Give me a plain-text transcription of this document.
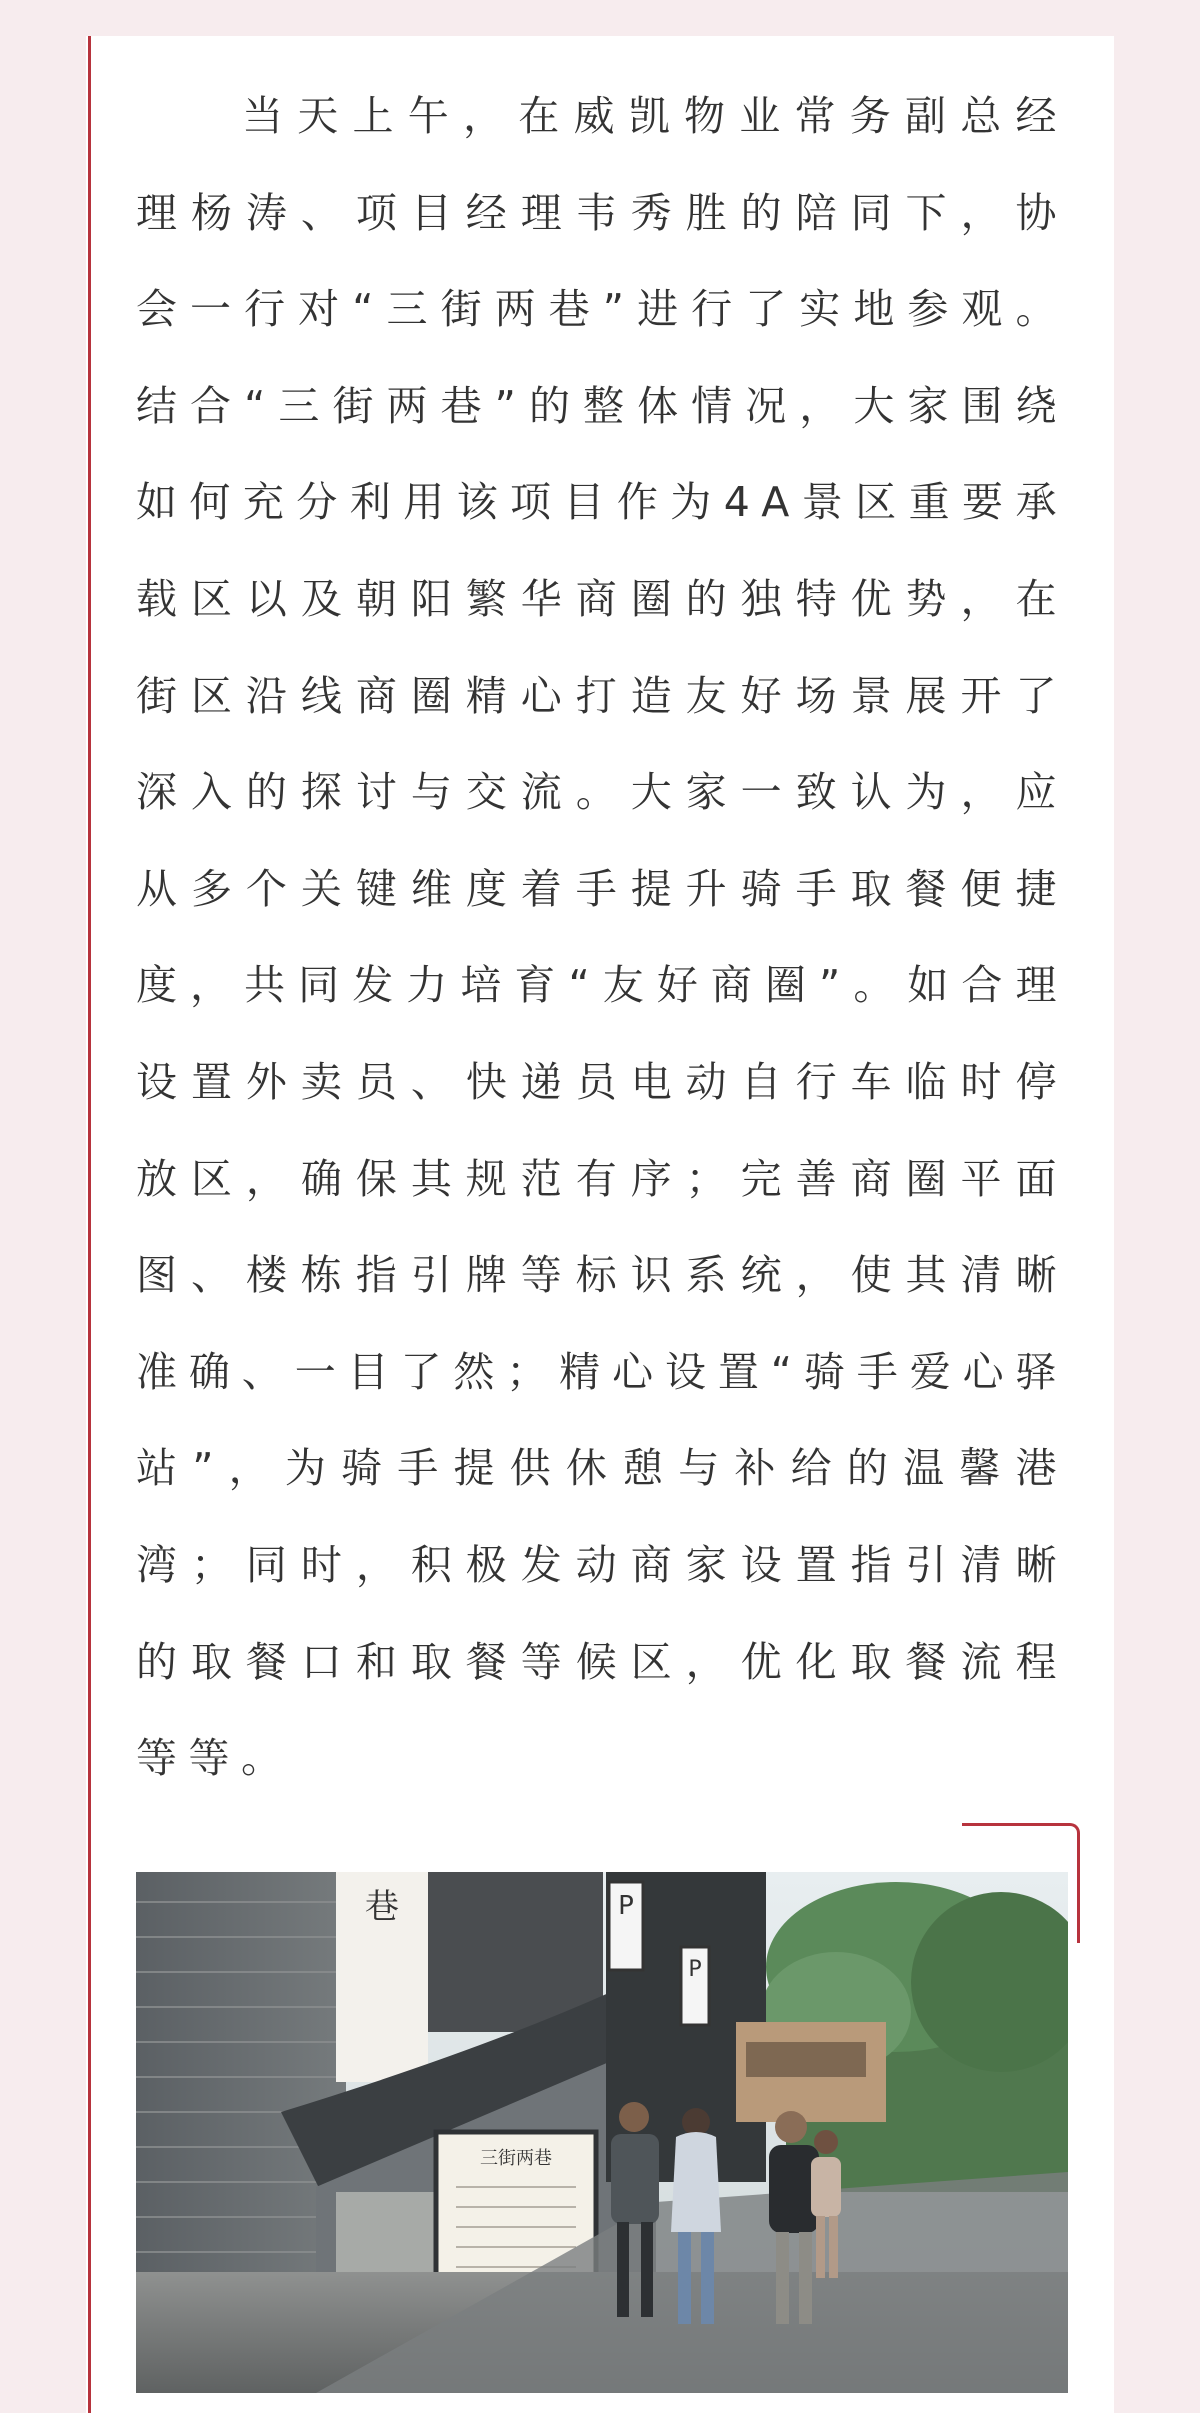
当天上午，在威凯物业常务副总经理杨涛、项目经理韦秀胜的陪同下，协会一行对“三街两巷”进行了实地参观。结合“三街两巷”的整体情况，大家围绕如何充分利用该项目作为4A景区重要承载区以及朝阳繁华商圈的独特优势，在街区沿线商圈精心打造友好场景展开了深入的探讨与交流。大家一致认为，应从多个关键维度着手提升骑手取餐便捷度，共同发力培育“友好商圈”。如合理设置外卖员、快递员电动自行车临时停放区，确保其规范有序；完善商圈平面图、楼栋指引牌等标识系统，使其清晰准确、一目了然；精心设置“骑手爱心驿站”，为骑手提供休憩与补给的温馨港湾；同时，积极发动商家设置指引清晰的取餐口和取餐等候区，优化取餐流程等等。

巷
三街两巷
P
P
